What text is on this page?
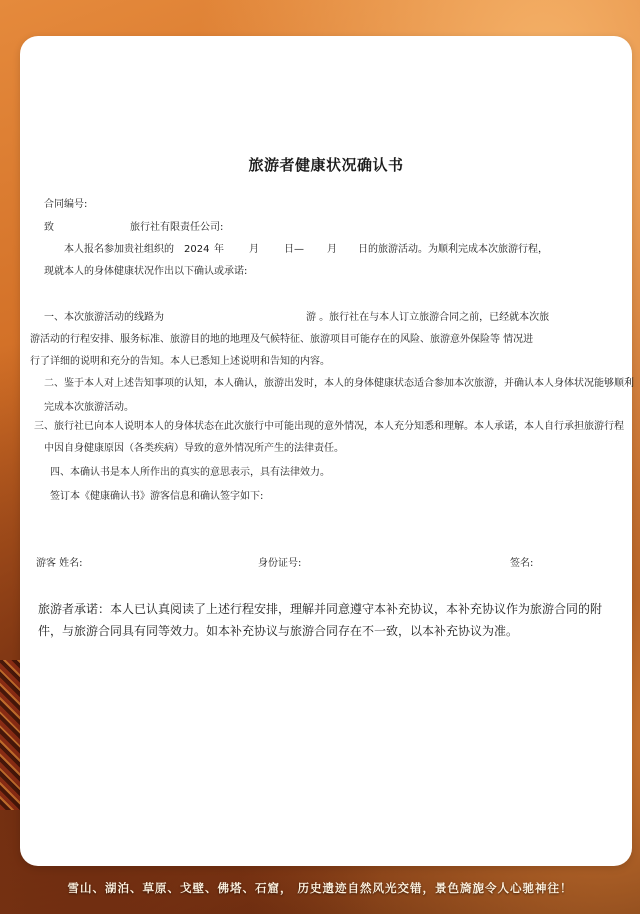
旅游者健康状况确认书
合同编号:
致	旅行社有限责任公司:
本人报名参加贵社组织的 2024 年	月	日— 月 日的旅游活动。为顺利完成本次旅游行程，
现就本人的身体健康状况作出以下确认或承诺:
一、本次旅游活动的线路为	游 。旅行社在与本人订立旅游合同之前，已经就本次旅
游活动的行程安排、服务标准、旅游目的地的地理及气候特征、旅游项目可能存在的风险、旅游意外保险等 情况进
行了详细的说明和充分的告知。本人已悉知上述说明和告知的内容。
二、鉴于本人对上述告知事项的认知，本人确认，旅游出发时，本人的身体健康状态适合参加本次旅游，并确认本人身体状况能够顺利
完成本次旅游活动。
三、旅行社已向本人说明本人的身体状态在此次旅行中可能出现的意外情况，本人充分知悉和理解。本人承诺，本人自行承担旅游行程
中因自身健康原因（各类疾病）导致的意外情况所产生的法律责任。
四、本确认书是本人所作出的真实的意思表示，具有法律效力。
签订本《健康确认书》游客信息和确认签字如下:
游客 姓名:	身份证号:	签名:
旅游者承诺：本人已认真阅读了上述行程安排，理解并同意遵守本补充协议，本补充协议作为旅游合同的附件，与旅游合同具有同等效力。如本补充协议与旅游合同存在不一致，以本补充协议为准。
雪山、湖泊、草原、戈壁、佛塔、石窟， 历史遗迹自然风光交错，景色旖旎令人心驰神往！
